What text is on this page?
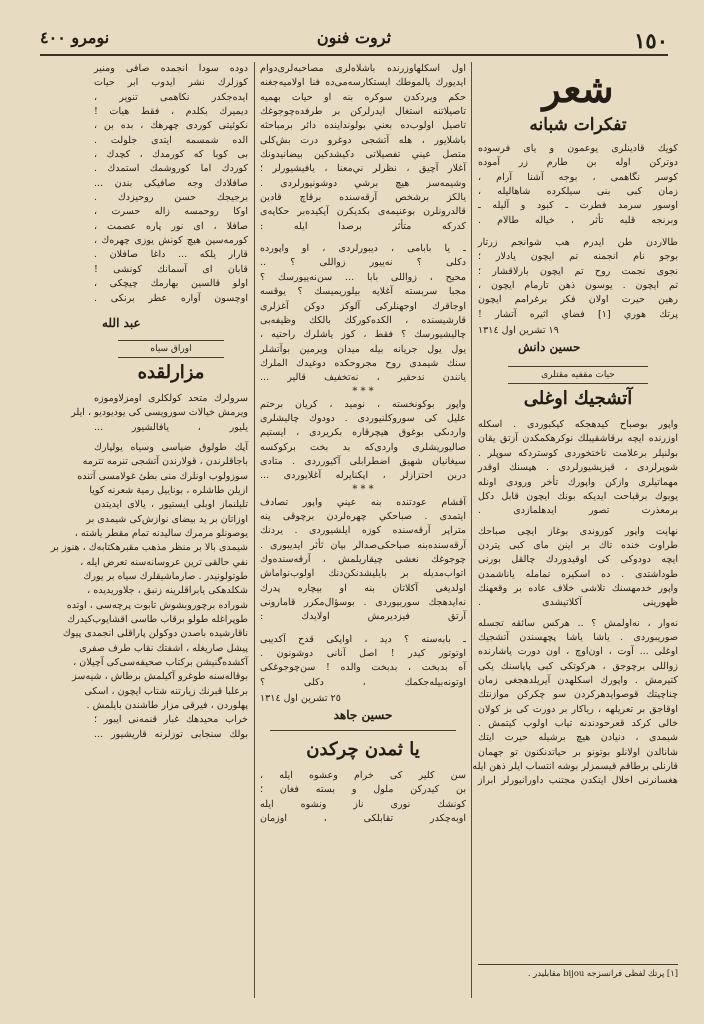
١٥٠
ثروت فنون
نومرو ٤٠٠
شعر
تفكرات شبانه
كويك قادينلرى يوعمون و ياى فرسوده
دوترکن اوله بن طارم زر آموده
كوسر نگاهمى ، بوجه آشنا آرام ،
زمان كبى بنى سيلكرده شاهاليله ،
اوسور سرمد فطرت ـ كبود و آليله ـ
وبرنجه قلبه تأثر ، خياله طالام .
طالاردن طن ايدرم هب شوانجم زرتار
بوجو نام انجمنه تم ايچون يادلار ؛
نجوى نجمت روح تم ايچون بارلاقشار ؛
تم ايچون . يوسون ذهن تارمام ايچون ،
رهين حيرت اولان فكر برغرامم ايچون
پرتك هوري [١] فضاي اثيره آتشار !
١٩ تشرين اول ١٣١٤
حسين دانش
حيات مقفيه مقتلرى
آتشجيك اوغلى
واپور بوصباح كيدهجكه كيكبوردى . اسكله
اوزرنده ايچه برقاشقيبلك نوكرهكمكدن آزتق يقان
بولنيلر برعلامت ناختخوردی کوستردكه سوپلر .
شوپرلردی ، قيزيشيورلردی . هپسنك اوقدر
مهماتيلرى وازكن واپورك تأخر ورودى اونله
يوبوك برقباحت ايديكه بونك ايچون قابل دکل
برمعذرت تصور ايدهلمازدى .
نهايت واپور كوروندى بوغاز ايچى صباحك
طراوت خنده تاك بر اينن ماى كبى يتردن
ايچه دودوكى كى اوقيدوردك چالقل بورنى
طوداشتدى . ده اسكيره تمامله ياناشمدن
واپور خدمهسنك تلاشى خلاف عاده بر وقعهنك
ظهورينى آكلاتيشدى .
نه‌وار ، نه‌اولمش ؟ .. هركس سائقه تجسله
صوريبوردى . ياشا ياشا پچهسندن آتشجيك
اوغلى ... آوت ، اون‌اوچ ، اون دورت ياشارنده
زواللى برچوجق ، هركوتكى كبى پاپاسنك يكى
كتيرمش . واپورك اسكلهدن آيريلدهجغى زمان
چناچيتك قوصوايدهرکردن سو چكركن موازنتك
اوقاجق بر تعريلهه ، رياكار بر دورت كى بز كولان
خالى كركد قعرحودندنه تياب اولوب كيتمش .
شيمدی ، دنيادن هيچ برشيله حيرت ايتك
شانالدن اولانلو بوتونو بر حياتدنکنون تو جهمان
قارنلى برطاقم قيسمزلر بوشه انتساب ايلر ذهن ايله
هغسانرنى اخلال ايتكدن مجتنب داورانيورلر ابراز
[١] پرتك لفظى فرانسزجه bijou مقابليدر .
اول اسکلهاوزرنده باشلاه‌لرى مصاحبه‌لرى‌دوام
ايديورك يالموطك ايستكارسه‌مى‌ده فنا اولاميه‌جغنه
حكم ويردكدن سوكره بنه او حيات بهميه
تاصيلاتنه استغال ايدرلركن بر طرفده‌چوجوغك
تاصيل اولوب‌ده بعني بولونداينده دائر برمباحثه
باشلايور ، هله آتشجى دوغرو درت بش‌كلى
متصل عيني تفصيلاتى دكيشدكين بيضانيدونك
آغلار آچيق ، نظرلر ني‌معنا ، يافيشيورلر ؛
وشيمه‌سز هيچ برشي دوشونيورلردى .
يالكز برشخص آرقه‌سنده برقاچ قادين
قالدرونلرن بوعنيمه‌ى بكديكرن آيكيده‌بر حكايه‌ى
کدركه متأثر برصدا ايله :
ـ يا بابامى ، ديبورلردى ، او واپورده
دكلى ؟ نه‌ييور زواللى ؟ ..
محيح ، زواللى بابا ... سن‌نه‌ييور‌سك ؟
مجبا سربسته آغلايه بيلوريميسك ؟ يوقسه
اوجاقرك اوجهنلركى آلوكز دوكن آغزلرى
قارشيسنده ، الكده‌كوركك بالكك وظيفه‌بى
چاليشيورسك ؟ فقط ، كوز ياشلرك راحتيه ،
يول يول جريانه بيله ميدان ويرمين بوآتشلر
سنك شيمدى روح مجروحكده دوغيدك الملرك
يانندن ندحقير ، نه‌تخفيف قالير ...
* * *
واپور بو‌كونخسته ، نوميد ، كريان برحتم
عليل كى سوروكلنيوردى . دودوك چاليشلرى
واردىكى بوغوق هيچرقاره بكريردى ، ايستيم
صاليوريشلرى واردى‌كه بد بخت بركوكسه
سيغانيان شهيق اضطرابلى آكيورردى . متادى
دربن احتزازلر ، اپكنايرله آغلايوردى ...
* * *
آقشام عودتنده بنه عيني واپور تصادف
ايتمدى . صباحكي چهره‌لردن برچوقى ينه
متراپر آرقه‌سنده كوزه ايلشيوردى . يردنك
آرقه‌سنده‌بنه صباحكى‌صدالر بيان ثأثر ايديبورى .
چوجوغك نعشى چيقاريلمش ، آرقه‌سنده‌وك
اتواب‌مديله بر بايليشدنكن‌دنك اولوب‌نواماش
اولديغى آكلاتان بنه او بيچاره پدرك
نه‌ايدهجك سوربيوردى . ‌بوسؤال‌مكرر قامارونى
آرتق فيزديرمش اولايدك :
ـ بابه‌سنه ؟ ديد ، اوايكى قدح آكديبى
اوتوتور كيدر ! اصل آنانى دوشونون .
آه بدبخت ، بدبخت والده ! سن‌چوجوغكى
اوتونه‌بيله‌جكمك ، دكلى ؟
٢٥ تشرين اول ١٣١٤
حسين جاهد
يا ثمدن چركدن
سن كلير كى خرام وعشوه ايله ،
بن كيدرکن ملول و بسته فغان ؛
كونشك نورى ناز ونشوه ايله
اوبه‌چكدر تقابلكى ، اوزمان
دوده سودا انجمده صافى ومنير
كوزلرك نشر ايدوب ابر حيات
ايده‌جكدر نكاهمى تنوير ،
ديميرك بكلدم ، فقط هيات !
نكوئيتى كوردى چهرهك ، بده بن ،
الده شمسمه ايتدى جلولت .
بى كوبا كه كورمدك ، كچدك ،
كوردك اما كوروشمك استمدك .
صافلادك وجه صافيكى بندن ...
برجيجك حسن روحيزدك .
اوكا روحمسه زاله حسرت ،
صافلا ، اى نور پاره عصمت ،
كورمه‌سين هيچ كونش يوزى چهره‌ك ،
قارار يلكه ... داغا صافلا‌ن .
قابان اى آسمانك كونشى !
اولو قالسين بهارمك چيچكى ،
اوچسون آواره عطر برنكى .
عبد الله
اوراق سياه
مزارلقده
سرولرك متحد كولكلرى اومزلاوموزه
ويرمش خيالات سورويسى كى يوديوديو ، ايلر
يليور ، يافالشيور ...
آپك طولوق ضياسى وسياه يولپارك
باجاقلرندن ، قولارندن آتشجى تنرمه تترمه
سوزولوب اونلرك منى بطئ غولامسى آتنده
ازيلن طاشلره ، بوناييل رمية شعرنه كويا
تليلنماز اوبلى ايستيور ، يالاى ايديتدن
اوزاتان بر يد بيضاى نوازش‌كى شيمدى بر
يوصونلو مرمرك ساليدنه تمام مقطر ياشته ،
شيمدى بالا بر منظر مذهب مقبرهكتابه‌ك ، هنوز بر
نفي حالقى ترين عروسانه‌سنه تعرض ايله ،
طوتولونيدر . صارماشيقلرك سياه بر يورك
شكلدهكى يابراقلرينه زنبق ، جلاوريديده ،
شوراده برچوروبشوش تابوت پرچه‌سى ، اوتده
طوپراغله طولو برقاب طاسى اقشايوب‌كيدرك
ناقارشيده باصدن دوكولن پاراقلى انجمدى پيوك
پيشل صاريغله ، اشفتك نقاب طرف صفرى
آكشده‌گنيشن بركتاب صحيفه‌سى‌كى آچيلان ،
بوقاله‌سنه طوغرو آكيلمش برطاش ، شيه‌سز
برعلبا قبرنك زيارتنه شتاب ايچون ، اسكى
پهلوردن ، فيرقى مزار طاشندن بايلمش .
خراب محيدهك غبار قنمه‌نى ايبور ؛
بولك سنجابى توزلرنه قاريشيور ...
